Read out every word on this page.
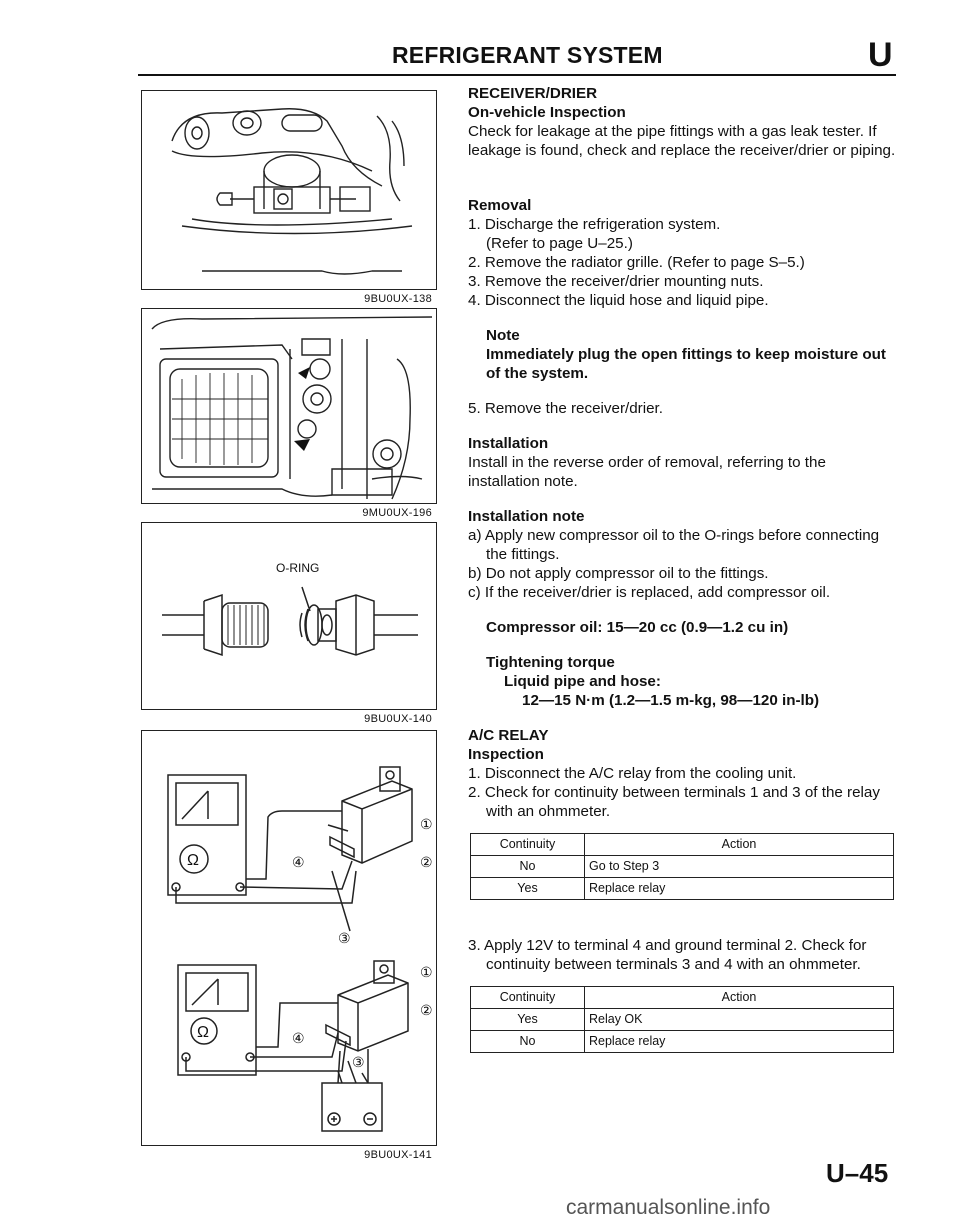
REFRIGERANT SYSTEM	U
9BU0UX-138
9MU0UX-196
O-RING
9BU0UX-140
①
②
④
③
Ω
①
②
④
③
Ω
9BU0UX-141

RECEIVER/DRIER

On-vehicle Inspection

Check for leakage at the pipe fittings with a gas leak tester. If leakage is found, check and replace the receiver/drier or piping.

Removal

1. Discharge the refrigeration system.

(Refer to page U–25.)

2. Remove the radiator grille. (Refer to page S–5.)

3. Remove the receiver/drier mounting nuts.

4. Disconnect the liquid hose and liquid pipe.

Note

Immediately plug the open fittings to keep moisture out of the system.

5. Remove the receiver/drier.

Installation

Install in the reverse order of removal, referring to the installation note.

Installation note

a) Apply new compressor oil to the O-rings before connecting the fittings.

b) Do not apply compressor oil to the fittings.

c) If the receiver/drier is replaced, add compressor oil.

Compressor oil: 15—20 cc (0.9—1.2 cu in)

Tightening torque

Liquid pipe and hose:

12—15 N·m (1.2—1.5 m-kg, 98—120 in-lb)

A/C RELAY

Inspection

1. Disconnect the A/C relay from the cooling unit.

2. Check for continuity between terminals 1 and 3 of the relay with an ohmmeter.

Continuity	Action
No	Go to Step 3
Yes	Replace relay

3. Apply 12V to terminal 4 and ground terminal 2. Check for continuity between terminals 3 and 4 with an ohmmeter.

Continuity	Action
Yes	Relay OK
No	Replace relay
U–45
carmanualsonline.info
